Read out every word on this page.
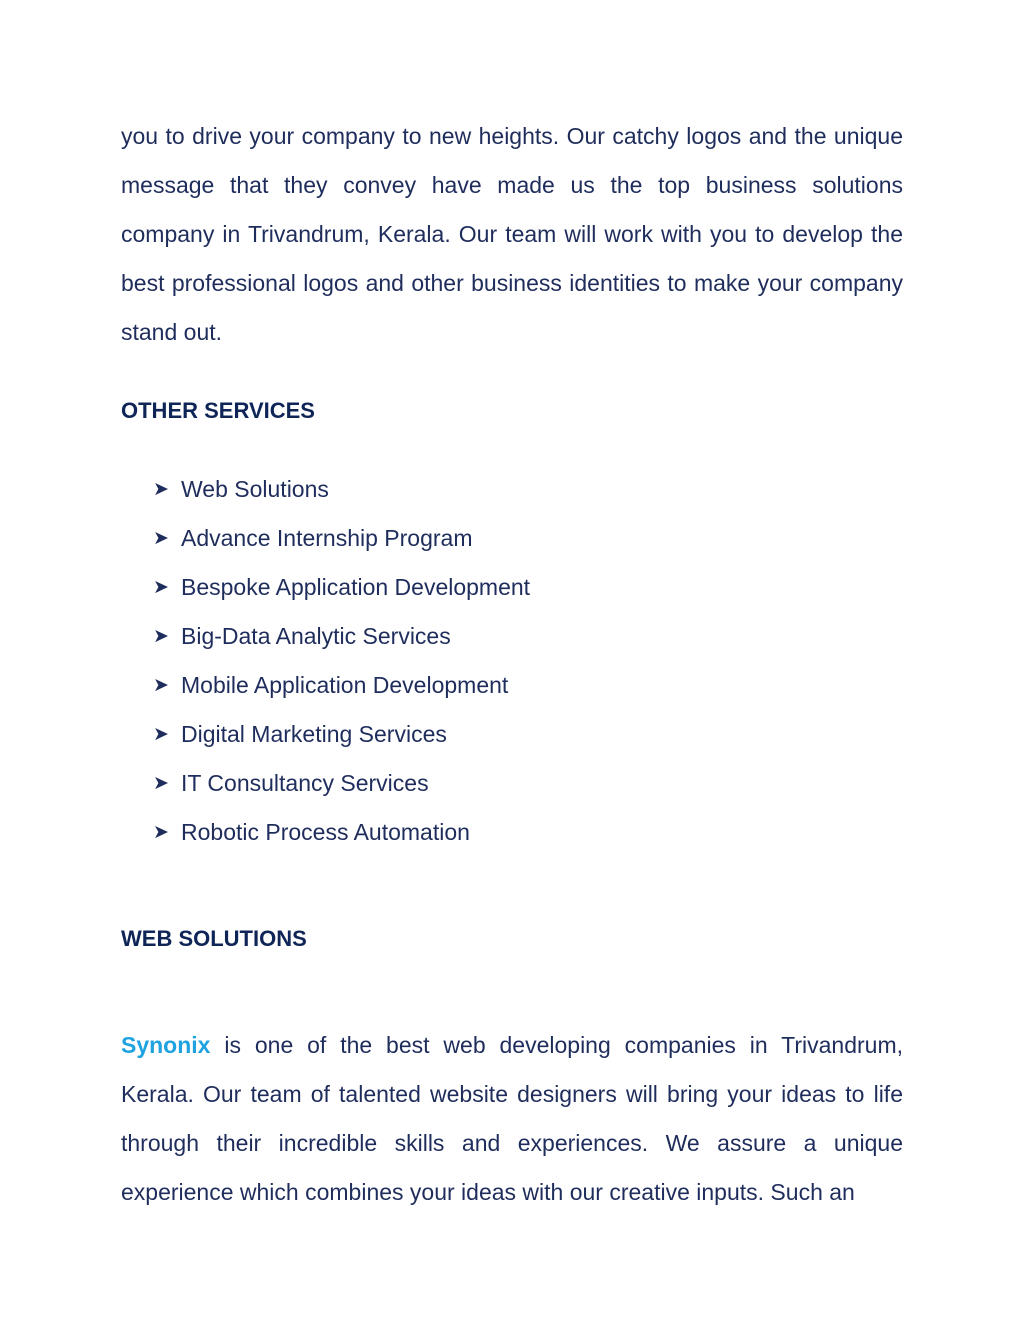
you to drive your company to new heights. Our catchy logos and the unique message that they convey have made us the top business solutions company in Trivandrum, Kerala. Our team will work with you to develop the best professional logos and other business identities to make your company stand out.

OTHER SERVICES
➤ Web Solutions
➤ Advance Internship Program
➤ Bespoke Application Development
➤ Big-Data Analytic Services
➤ Mobile Application Development
➤ Digital Marketing Services
➤ IT Consultancy Services
➤ Robotic Process Automation
WEB SOLUTIONS

Synonix is one of the best web developing companies in Trivandrum, Kerala. Our team of talented website designers will bring your ideas to life through their incredible skills and experiences. We assure a unique experience which combines your ideas with our creative inputs. Such an
